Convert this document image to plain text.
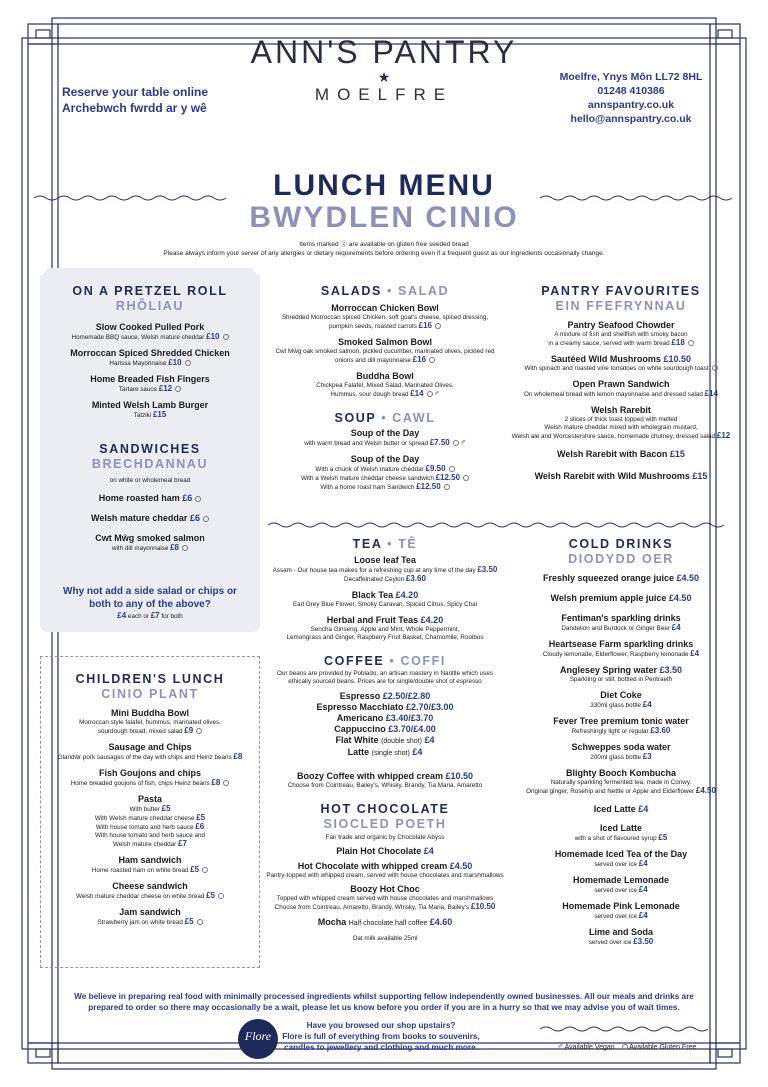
ANN'S PANTRY
★
MOELFRE
Reserve your table online
Archebwch fwrdd ar y wê
Moelfre, Ynys Môn LL72 8HL
01248 410386
annspantry.co.uk
hello@annspantry.co.uk
LUNCH MENU
BWYDLEN CINIO
Items marked ⓖ are available on gluten free seeded bread
Please always inform your server of any allergies or dietary requirements before ordering even if a frequent guest as our ingredients occasionally change.
ON A PRETZEL ROLL
RHÔLIAU
Slow Cooked Pulled Pork
Homemade BBQ sauce, Welsh mature cheddar £10
Morroccan Spiced Shredded Chicken
Harissa Mayonnaise £10
Home Breaded Fish Fingers
Tartare sauce £12
Minted Welsh Lamb Burger
Tatziki £15
SANDWICHES
BRECHDANNAU
on white or wholemeal bread
Home roasted ham £6
Welsh mature cheddar £6
Cwt Mŵg smoked salmon
with dill mayonnaise £8
Why not add a side salad or chips or both to any of the above?
£4 each or £7 for both
CHILDREN'S LUNCH
CINIO PLANT
Mini Buddha Bowl
Morroccan style falafel, hummus, marinated olives,
sourdough bread, mixed salad £9
Sausage and Chips
Glandŵr pork sausages of the day with chips and Heinz beans £8
Fish Goujons and chips
Home breaded goujons of fish, chips Heinz beans £8
Pasta
With butter £5
With Welsh mature cheddar cheese £5
With house tomato and herb sauce £6
With house tomato and herb sauce and
Welsh mature cheddar £7
Ham sandwich
Home roasted ham on white bread £5
Cheese sandwich
Welsh mature cheddar cheese on white bread £5
Jam sandwich
Strawberry jam on white bread £5
SALADS • SALAD
Morroccan Chicken Bowl
Shredded Morroccan spiced Chicken, soft goat's cheese, spiced dressing,
pumpkin seeds, roasted carrots £16
Smoked Salmon Bowl
Cwt Mŵg oak smoked salmon, pickled cucumber, marinated olives, pickled red
onions and dill mayonnaise £16
Buddha Bowl
Chickpea Falafel, Mixed Salad, Marinated Olives,
Hummus, sour dough bread £14 ✐
SOUP • CAWL
Soup of the Day
with warm bread and Welsh butter or spread £7.50 ✐
Soup of the Day
With a chunk of Welsh mature cheddar £9.50
With a Welsh mature cheddar cheese sandwich £12.50
With a home roast ham Sandwich £12.50
PANTRY FAVOURITES
EIN FFEFRYNNAU
Pantry Seafood Chowder
A mixture of fish and shellfish with smoky bacon
in a creamy sauce, served with warm bread £18
Sautéed Wild Mushrooms £10.50
With spinach and roasted vine tomatoes on white sourdough toast
Open Prawn Sandwich
On wholemeal bread with lemon mayonnaise and dressed salad £14
Welsh Rarebit
2 slices of thick toast topped with melted
Welsh mature cheddar mixed with wholegrain mustard,
Welsh ale and Worcestershire sauce, homemade chutney, dressed salad £12
Welsh Rarebit with Bacon £15
Welsh Rarebit with Wild Mushrooms £15
TEA • TÊ
Loose leaf Tea
Assam - Our house tea makes for a refreshing cup at any time of the day £3.50
Decaffeinated Ceylon £3.60
Black Tea £4.20
Earl Grey Blue Flower, Smoky Caravan, Spiced Citrus, Spicy Chai
Herbal and Fruit Teas £4.20
Sencha Ginseng, Apple and Mint, Whole Peppermint,
Lemongrass and Ginger, Raspberry Fruit Basket, Chamomile, Rooibos
COFFEE • COFFI
Our beans are provided by Poblado, an artisan roastery in Nantlle which uses
ethically sourced beans. Prices are for single/double shot of espresso
Espresso £2.50/£2.80
Espresso Macchiato £2.70/£3.00
Americano £3.40/£3.70
Cappuccino £3.70/£4.00
Flat White (double shot) £4
Latte (single shot) £4
Boozy Coffee with whipped cream £10.50
Choose from Cointreau, Bailey's, Whisky, Brandy, Tia Maria, Amaretto
HOT CHOCOLATE
SIOCLED POETH
Fair trade and organic by Chocolate Abyss
Plain Hot Chocolate £4
Hot Chocolate with whipped cream £4.50
Pantry-topped with whipped cream, served with house chocolates and marshmallows
Boozy Hot Choc
Topped with whipped cream served with house chocolates and marshmallows
Choose from Cointreau, Amaretto, Brandy, Whisky, Tia Maria, Bailey's £10.50
Mocha Half chocolate half coffee £4.60
Oat milk available 25ml
COLD DRINKS
DIODYDD OER
Freshly squeezed orange juice £4.50
Welsh premium apple juice £4.50
Fentiman's sparkling drinks
Dandelion and Burdock or Ginger Beer £4
Heartsease Farm sparkling drinks
Cloudy lemonade, Elderflower, Raspberry lemonade £4
Anglesey Spring water £3.50
Sparkling or still, bottled in Pentraeth
Diet Coke
330ml glass bottle £4
Fever Tree premium tonic water
Refreshingly light or regular £3.60
Schweppes soda water
200ml glass bottle £3
Blighty Booch Kombucha
Naturally sparkling fermented tea, made in Conwy.
Original ginger, Rosehip and Nettle or Apple and Elderflower £4.50
Iced Latte £4
Iced Latte
with a shot of flavoured syrup £5
Homemade Iced Tea of the Day
served over ice £4
Homemade Lemonade
served over ice £4
Homemade Pink Lemonade
served over ice £4
Lime and Soda
served over ice £3.50
We believe in preparing real food with minimally processed ingredients whilst supporting fellow independently owned businesses. All our meals and drinks are prepared to order so there may occasionally be a wait, please let us know before you order if you are in a hurry so that we may advise you of wait times.
Flore
Have you browsed our shop upstairs?
Flore is full of everything from books to souvenirs,
candles to jewellery and clothing and much more.	✐ Available Vegan Available Gluten Free
